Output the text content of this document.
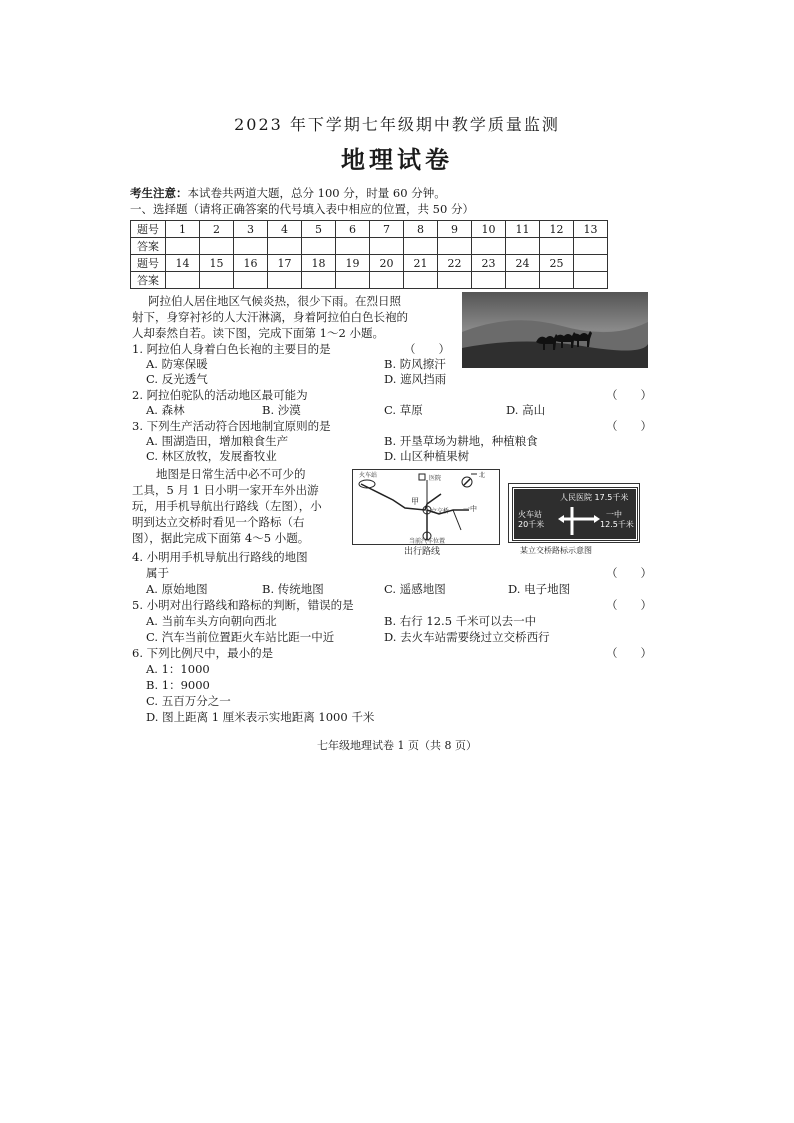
2023 年下学期七年级期中教学质量监测
地理试卷
考生注意：本试卷共两道大题，总分 100 分，时量 60 分钟。
一、选择题（请将正确答案的代号填入表中相应的位置，共 50 分）
题号	1	2	3	4	5	6	7	8	9	10	11	12	13
答案													
题号	14	15	16	17	18	19	20	21	22	23	24	25	
答案													
阿拉伯人居住地区气候炎热，很少下雨。在烈日照
射下，身穿衬衫的人大汗淋漓，身着阿拉伯白色长袍的
人却泰然自若。读下图，完成下面第 1～2 小题。
1. 阿拉伯人身着白色长袍的主要目的是	（　　）
A. 防寒保暖	B. 防风擦汗
C. 反光透气	D. 遮风挡雨
2. 阿拉伯驼队的活动地区最可能为	（　　）
A. 森林	B. 沙漠	C. 草原	D. 高山
3. 下列生产活动符合因地制宜原则的是	（　　）
A. 围湖造田，增加粮食生产	B. 开垦草场为耕地，种植粮食
C. 林区放牧，发展畜牧业	D. 山区种植果树
地图是日常生活中必不可少的
工具，5 月 1 日小明一家开车外出游
玩，用手机导航出行路线（左图），小
明到达立交桥时看见一个路标（右
图），据此完成下面第 4～5 小题。
火车站	医院	北
甲
立交桥 一中
当前汽车位置
出行路线
人民医院 17.5千米
火车站
20千米
一中
12.5千米
某立交桥路标示意图
4. 小明用手机导航出行路线的地图
属于	（　　）
A. 原始地图	B. 传统地图	C. 遥感地图	D. 电子地图
5. 小明对出行路线和路标的判断，错误的是	（　　）
A. 当前车头方向朝向西北	B. 右行 12.5 千米可以去一中
C. 汽车当前位置距火车站比距一中近	D. 去火车站需要绕过立交桥西行
6. 下列比例尺中，最小的是	（　　）
A. 1：1000
B. 1：9000
C. 五百万分之一
D. 图上距离 1 厘米表示实地距离 1000 千米
七年级地理试卷 1 页（共 8 页）
